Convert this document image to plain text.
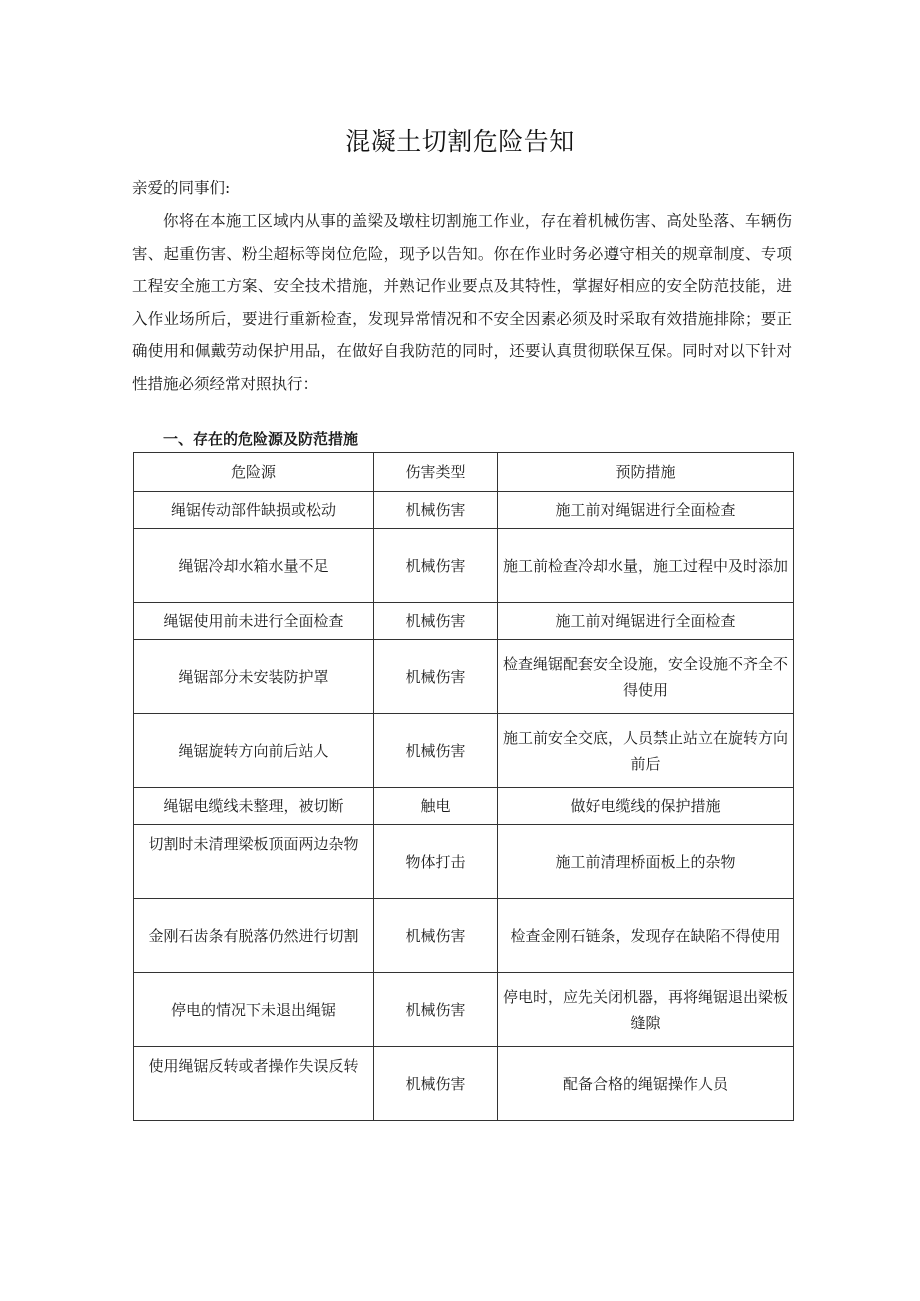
混凝土切割危险告知
亲爱的同事们:
你将在本施工区域内从事的盖梁及墩柱切割施工作业，存在着机械伤害、高处坠落、车辆伤害、起重伤害、粉尘超标等岗位危险，现予以告知。你在作业时务必遵守相关的规章制度、专项工程安全施工方案、安全技术措施，并熟记作业要点及其特性，掌握好相应的安全防范技能，进入作业场所后，要进行重新检查，发现异常情况和不安全因素必须及时采取有效措施排除；要正确使用和佩戴劳动保护用品，在做好自我防范的同时，还要认真贯彻联保互保。同时对以下针对性措施必须经常对照执行：
一、存在的危险源及防范措施
危险源	伤害类型	预防措施
绳锯传动部件缺损或松动	机械伤害	施工前对绳锯进行全面检查
绳锯冷却水箱水量不足	机械伤害	施工前检查冷却水量，施工过程中及时添加
绳锯使用前未进行全面检查	机械伤害	施工前对绳锯进行全面检查
绳锯部分未安装防护罩	机械伤害	检查绳锯配套安全设施，安全设施不齐全不得使用
绳锯旋转方向前后站人	机械伤害	施工前安全交底，人员禁止站立在旋转方向前后
绳锯电缆线未整理，被切断	触电	做好电缆线的保护措施
切割时未清理梁板顶面两边杂物	物体打击	施工前清理桥面板上的杂物
金刚石齿条有脱落仍然进行切割	机械伤害	检查金刚石链条，发现存在缺陷不得使用
停电的情况下未退出绳锯	机械伤害	停电时，应先关闭机器，再将绳锯退出梁板缝隙
使用绳锯反转或者操作失误反转	机械伤害	配备合格的绳锯操作人员
